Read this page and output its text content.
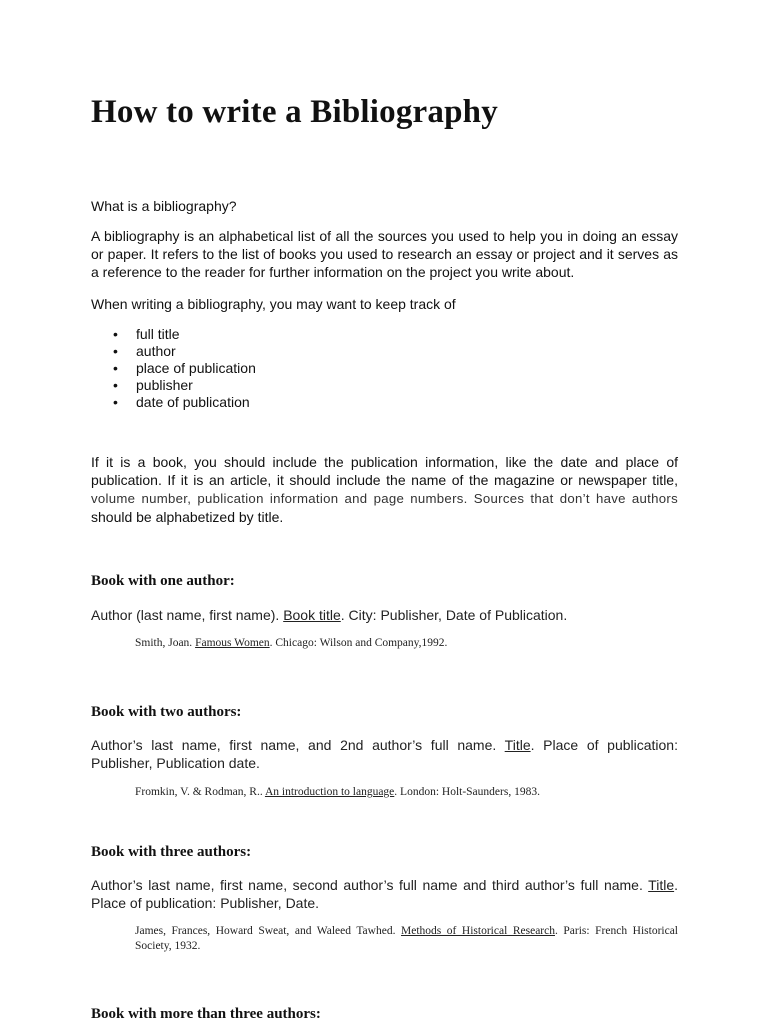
How to write a Bibliography

What is a bibliography?

A bibliography is an alphabetical list of all the sources you used to help you in doing an essay or paper. It refers to the list of books you used to research an essay or project and it serves as a reference to the reader for further information on the project you write about.

When writing a bibliography, you may want to keep track of

• full title
• author
• place of publication
• publisher
• date of publication

If it is a book, you should include the publication information, like the date and place of publication. If it is an article, it should include the name of the magazine or newspaper title, volume number, publication information and page numbers. Sources that don’t have authors should be alphabetized by title.

Book with one author:

Author (last name, first name). Book title. City: Publisher, Date of Publication.

Smith, Joan. Famous Women. Chicago: Wilson and Company,1992.

Book with two authors:

Author’s last name, first name, and 2nd author’s full name. Title. Place of publication: Publisher, Publication date.

Fromkin, V. & Rodman, R.. An introduction to language. London: Holt-Saunders, 1983.

Book with three authors:

Author’s last name, first name, second author’s full name and third author’s full name. Title. Place of publication: Publisher, Date.

James, Frances, Howard Sweat, and Waleed Tawhed. Methods of Historical Research. Paris: French Historical Society, 1932.

Book with more than three authors:
